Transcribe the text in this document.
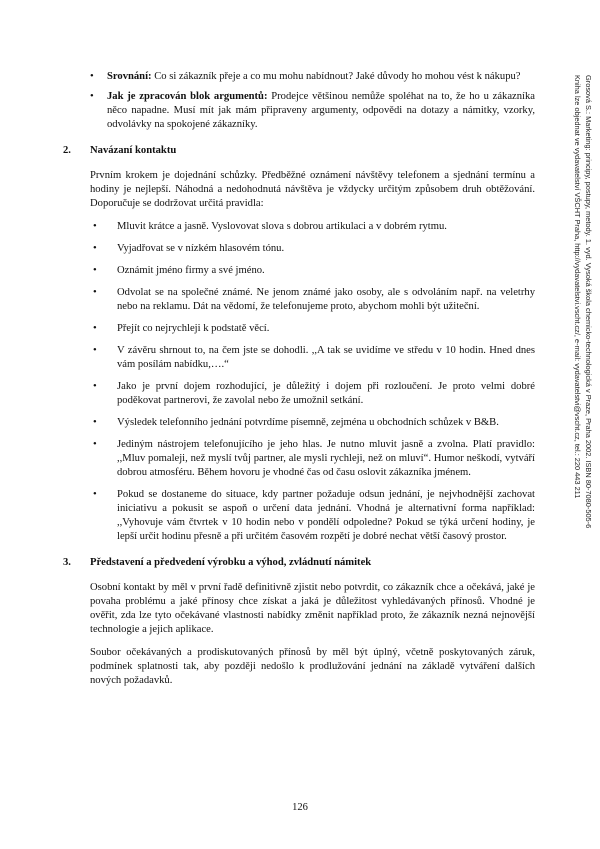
• Srovnání: Co si zákazník přeje a co mu mohu nabídnout? Jaké důvody ho mohou vést k nákupu?
• Jak je zpracován blok argumentů: Prodejce většinou nemůže spoléhat na to, že ho u zákazníka něco napadne. Musí mít jak mám připraveny argumenty, odpovědi na dotazy a námitky, vzorky, odvolávky na spokojené zákazníky.
2. Navázaní kontaktu

Prvním krokem je dojednání schůzky. Předběžné oznámení návštěvy telefonem a sjednání termínu a hodiny je nejlepší. Náhodná a nedohodnutá návštěva je vždycky určitým způsobem druh obtěžování. Doporučuje se dodržovat určitá pravidla:

• Mluvit krátce a jasně. Vyslovovat slova s dobrou artikulaci a v dobrém rytmu.
• Vyjadřovat se v nízkém hlasovém tónu.
• Oznámit jméno firmy a své jméno.
• Odvolat se na společné známé. Ne jenom známé jako osoby, ale s odvoláním např. na veletrhy nebo na reklamu. Dát na vědomí, že telefonujeme proto, abychom mohli být užiteční.
• Přejít co nejrychleji k podstatě věcí.
• V závěru shrnout to, na čem jste se dohodli. ,,A tak se uvidíme ve středu v 10 hodin. Hned dnes vám posílám nabídku,….“
• Jako je první dojem rozhodující, je důležitý i dojem při rozloučení. Je proto velmi dobré poděkovat partnerovi, že zavolal nebo že umožnil setkání.
• Výsledek telefonního jednání potvrdíme písemně, zejména u obchodních schůzek v B&B.
• Jediným nástrojem telefonujícího je jeho hlas. Je nutno mluvit jasně a zvolna. Platí pravidlo: ,,Mluv pomaleji, než myslí tvůj partner, ale mysli rychleji, než on mluví“. Humor neškodí, vytváří dobrou atmosféru. Během hovoru je vhodné čas od času oslovit zákazníka jménem.
• Pokud se dostaneme do situace, kdy partner požaduje odsun jednání, je nejvhodnější zachovat iniciativu a pokusit se aspoň o určení data jednání. Vhodná je alternativní forma například: ,,Vyhovuje vám čtvrtek v 10 hodin nebo v pondělí odpoledne? Pokud se týká určení hodiny, je lepší určit hodinu přesně a při určitém časovém rozpětí je dobré nechat větší časový prostor.
3. Představení a předvedení výrobku a výhod, zvládnutí námitek

Osobní kontakt by měl v první řadě definitivně zjistit nebo potvrdit, co zákazník chce a očekává, jaké je povaha problému a jaké přínosy chce získat a jaká je důležitost vyhledávaných přínosů. Vhodné je ověřit, zda lze tyto očekávané vlastnosti nabídky změnit například proto, že zákazník nezná nejnovější technologie a jejich aplikace.

Soubor očekávaných a prodiskutovaných přínosů by měl být úplný, včetně poskytovaných záruk, podmínek splatnosti tak, aby později nedošlo k prodlužování jednání na základě vytváření dalších nových požadavků.

126
Grosová S.: Marketing: principy, postupy, metody. 1. vyd. Vysoká škola chemicko-technologická v Praze, Praha 2002. ISBN 80-7080-505-6
Kniha lze objednat ve vydavatelství VŠCHT Praha, http://vydavatelstvi.vscht.cz/, e-mail: vydavatelstvi@vscht.cz, tel.: 220 443 211
